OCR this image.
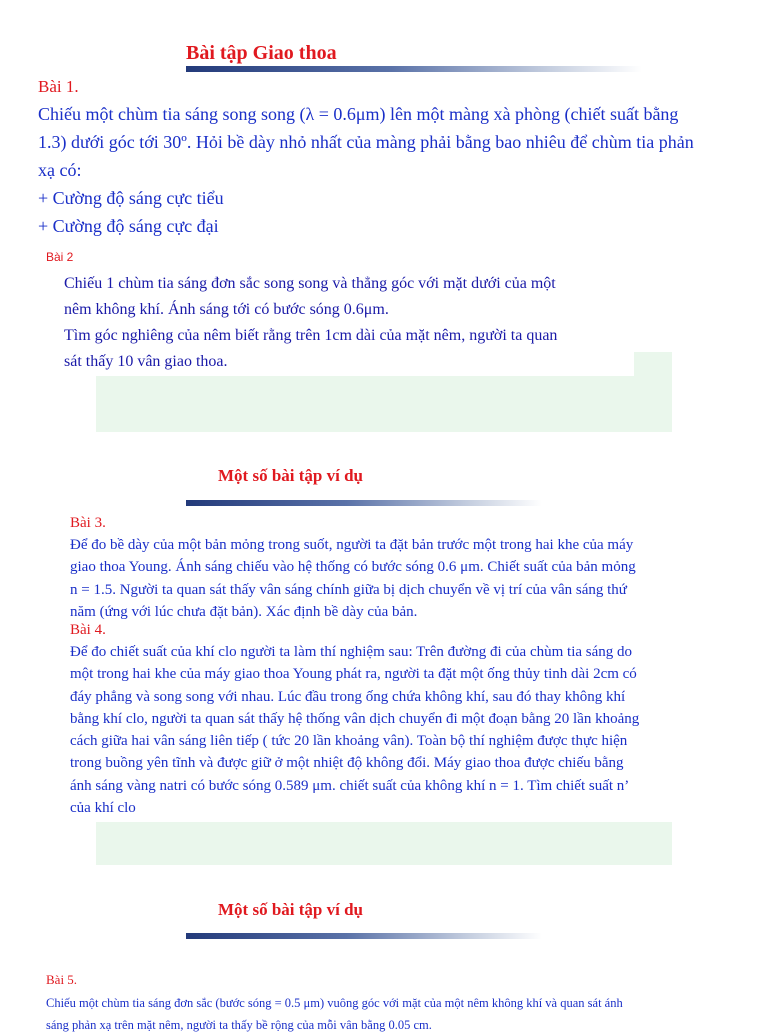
Bài tập Giao thoa
Bài 1.
Chiếu một chùm tia sáng song song (λ = 0.6μm) lên một màng xà phòng (chiết suất bằng
1.3) dưới góc tới 30º. Hỏi bề dày nhỏ nhất của màng phải bằng bao nhiêu để chùm tia phản
xạ có:
+ Cường độ sáng cực tiểu
+ Cường độ sáng cực đại
Bài 2
Chiếu 1 chùm tia sáng đơn sắc song song và thẳng góc với mặt dưới của một
nêm không khí. Ánh sáng tới có bước sóng 0.6μm.
Tìm góc nghiêng của nêm biết rằng trên 1cm dài của mặt nêm, người ta quan
sát thấy 10 vân giao thoa.
Một số bài tập ví dụ
Bài 3.
Để đo bề dày của một bản mỏng trong suốt, người ta đặt bản trước một trong hai khe của máy
giao thoa Young. Ánh sáng chiếu vào hệ thống có bước sóng 0.6 μm. Chiết suất của bản mỏng
n = 1.5. Người ta quan sát thấy vân sáng chính giữa bị dịch chuyển về vị trí của vân sáng thứ
năm (ứng với lúc chưa đặt bản). Xác định bề dày của bản.
Bài 4.
Để đo chiết suất của khí clo người ta làm thí nghiệm sau: Trên đường đi của chùm tia sáng do
một trong hai khe của máy giao thoa Young phát ra, người ta đặt một ống thủy tinh dài 2cm có
đáy phẳng và song song với nhau. Lúc đầu trong ống chứa không khí, sau đó thay không khí
bằng khí clo, người ta quan sát thấy hệ thống vân dịch chuyển đi một đoạn bằng 20 lần khoảng
cách giữa hai vân sáng liên tiếp ( tức 20 lần khoảng vân). Toàn bộ thí nghiệm được thực hiện
trong buồng yên tĩnh và được giữ ở một nhiệt độ không đổi. Máy giao thoa được chiếu bằng
ánh sáng vàng natri có bước sóng 0.589 μm. chiết suất của không khí n = 1. Tìm chiết suất n’
của khí clo
Một số bài tập ví dụ
Bài 5.
Chiếu một chùm tia sáng đơn sắc (bước sóng = 0.5 μm) vuông góc với mặt của một nêm không khí và quan sát ánh
sáng phản xạ trên mặt nêm, người ta thấy bề rộng của mỗi vân bằng 0.05 cm.
